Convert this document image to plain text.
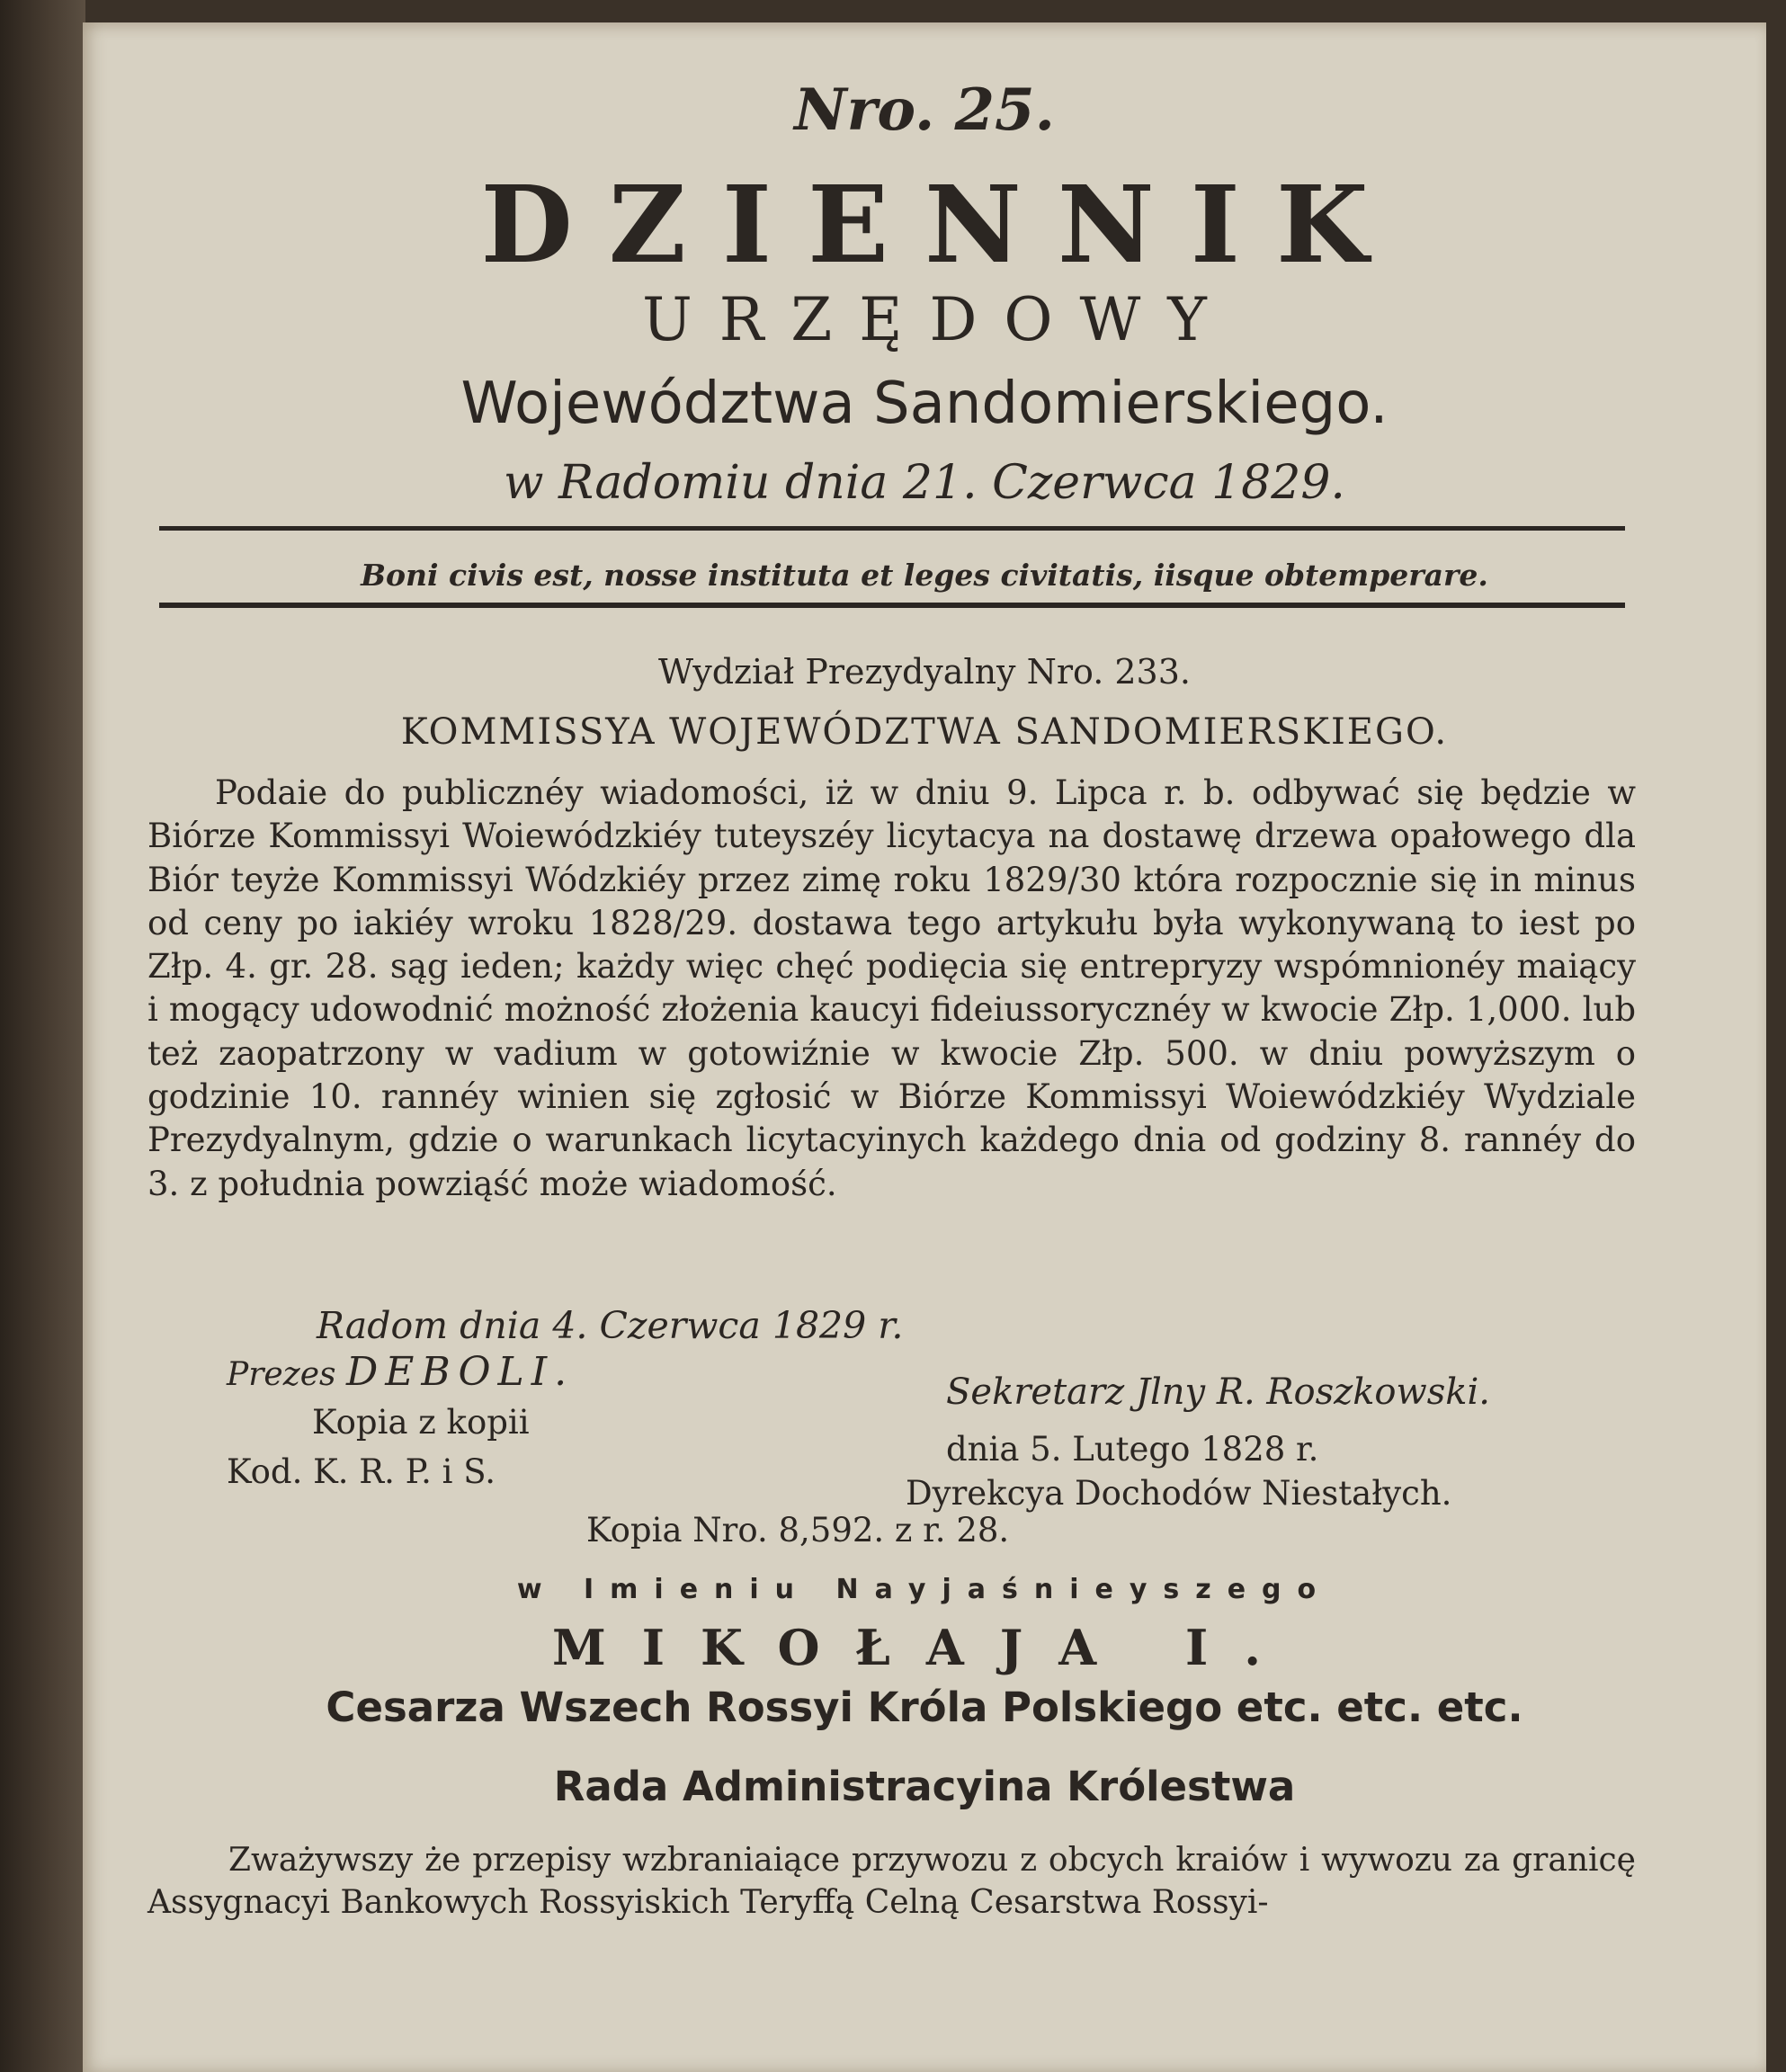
Nro. 25.
DZIENNIK
URZĘDOWY
Województwa Sandomierskiego.
w Radomiu dnia 21. Czerwca 1829.
Boni civis est, nosse instituta et leges civitatis, iisque obtemperare.
Wydział Prezydyalny Nro. 233.
KOMMISSYA WOJEWÓDZTWA SANDOMIERSKIEGO.

Podaie do publicznéy wiadomości, iż w dniu 9. Lipca r. b. odbywać się będzie w Biórze Kommissyi Woiewódzkiéy tuteyszéy licytacya na dostawę drzewa opałowego dla Biór teyże Kommissyi Wódzkiéy przez zimę roku 1829/30 która rozpocznie się in minus od ceny po iakiéy wroku 1828/29. dostawa tego artykułu była wykonywaną to iest po Złp. 4. gr. 28. sąg ieden; każdy więc chęć podięcia się entrepryzy wspómnionéy maiący i mogący udowodnić możność złożenia kaucyi fideiussorycznéy w kwocie Złp. 1,000. lub też zaopatrzony w vadium w gotowiźnie w kwocie Złp. 500. w dniu powyższym o godzinie 10. rannéy winien się zgłosić w Biórze Kommissyi Woiewódzkiéy Wydziale Prezydyalnym, gdzie o warunkach licytacyinych każdego dnia od godziny 8. rannéy do 3. z południa powziąść może wiadomość.

Radom dnia 4. Czerwca 1829 r.
Prezes DEBOLI.	Sekretarz Jlny R. Roszkowski.
Kopia z kopii
Kod. K. R. P. i S.
dnia 5. Lutego 1828 r.
Dyrekcya Dochodów Niestałych.
Kopia Nro. 8,592. z r. 28.
w Imieniu Nayjaśnieyszego
MIKOŁAJA I.
Cesarza Wszech Rossyi Króla Polskiego etc. etc. etc.
Rada Administracyina Królestwa

Zważywszy że przepisy wzbraniaiące przywozu z obcych kraiów i wywozu za granicę Assygnacyi Bankowych Rossyiskich Teryffą Celną Cesarstwa Rossyi-
